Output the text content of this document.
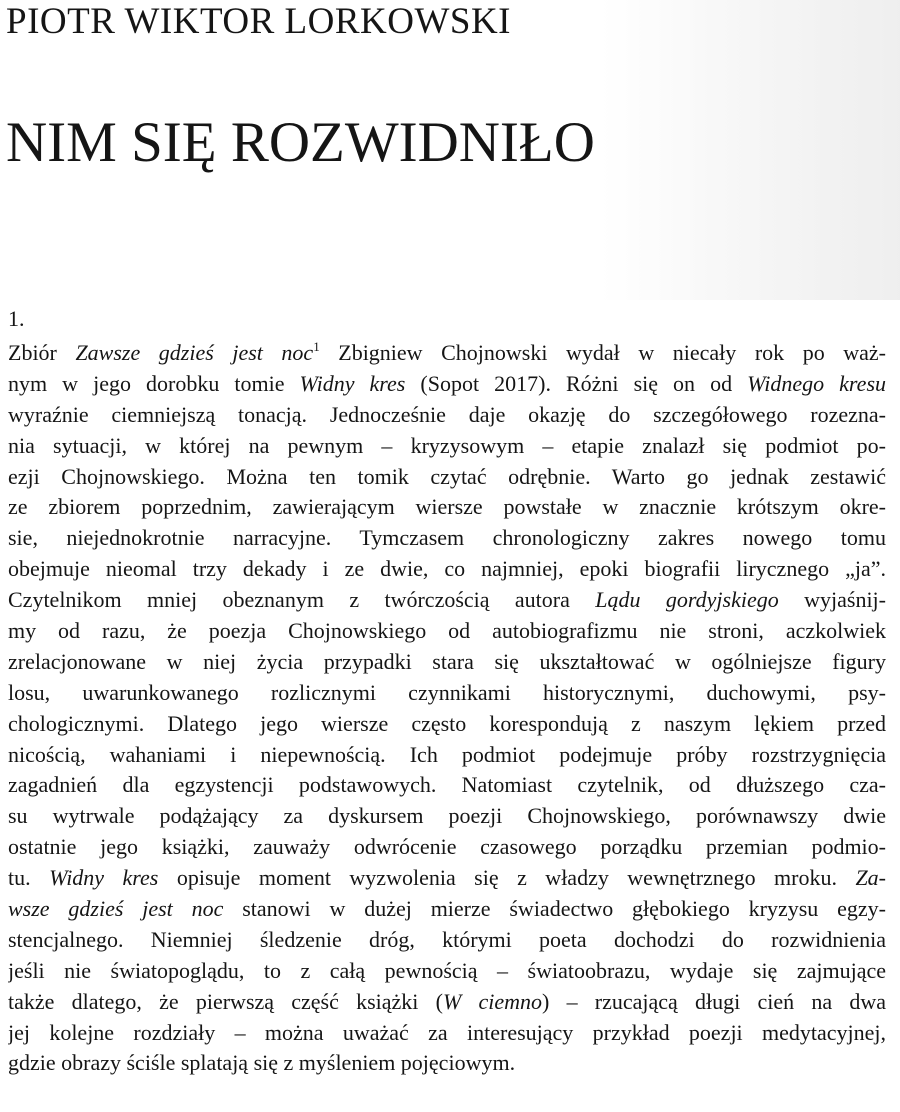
PIOTR WIKTOR LORKOWSKI
NIM SIĘ ROZWIDNIŁO
1.
Zbiór Zawsze gdzieś jest noc$^1$ Zbigniew Chojnowski wydał w niecały rok po waż-
nym w jego dorobku tomie Widny kres (Sopot 2017). Różni się on od Widnego kresu
wyraźnie ciemniejszą tonacją. Jednocześnie daje okazję do szczegółowego rozezna-
nia sytuacji, w której na pewnym – kryzysowym – etapie znalazł się podmiot po-
ezji Chojnowskiego. Można ten tomik czytać odrębnie. Warto go jednak zestawić
ze zbiorem poprzednim, zawierającym wiersze powstałe w znacznie krótszym okre-
sie, niejednokrotnie narracyjne. Tymczasem chronologiczny zakres nowego tomu
obejmuje nieomal trzy dekady i ze dwie, co najmniej, epoki biografii lirycznego „ja”.
Czytelnikom mniej obeznanym z twórczością autora Lądu gordyjskiego wyjaśnij-
my od razu, że poezja Chojnowskiego od autobiografizmu nie stroni, aczkolwiek
zrelacjonowane w niej życia przypadki stara się ukształtować w ogólniejsze figury
losu, uwarunkowanego rozlicznymi czynnikami historycznymi, duchowymi, psy-
chologicznymi. Dlatego jego wiersze często korespondują z naszym lękiem przed
nicością, wahaniami i niepewnością. Ich podmiot podejmuje próby rozstrzygnięcia
zagadnień dla egzystencji podstawowych. Natomiast czytelnik, od dłuższego cza-
su wytrwale podążający za dyskursem poezji Chojnowskiego, porównawszy dwie
ostatnie jego książki, zauważy odwrócenie czasowego porządku przemian podmio-
tu. Widny kres opisuje moment wyzwolenia się z władzy wewnętrznego mroku. Za-
wsze gdzieś jest noc stanowi w dużej mierze świadectwo głębokiego kryzysu egzy-
stencjalnego. Niemniej śledzenie dróg, którymi poeta dochodzi do rozwidnienia
jeśli nie światopoglądu, to z całą pewnością – światoobrazu, wydaje się zajmujące
także dlatego, że pierwszą część książki (W ciemno) – rzucającą długi cień na dwa
jej kolejne rozdziały – można uważać za interesujący przykład poezji medytacyjnej,
gdzie obrazy ściśle splatają się z myśleniem pojęciowym.
